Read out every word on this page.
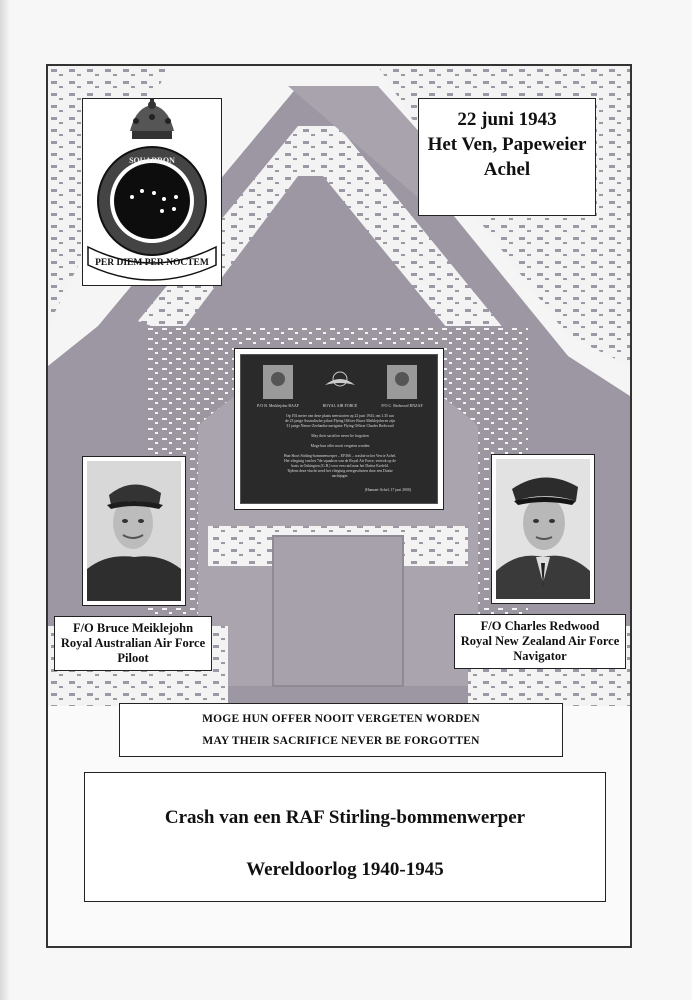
22 juni 1943
Het Ven, Papeweier
Achel
SQUADRON
PER DIEM PER NOCTEM
P/O B. Meiklejohn RAAF	ROYAL AIR FORCE	P/O C. Redwood RNZAF
Op 192 meter van deze plaats neerstorten op 22 juni 1943, om 1.35 uur
de 23 jarige Australische piloot Flying Officer Bruce Meiklejohn en zijn
31 jarige Nieuw-Zeelandse navigator Flying Officer Charles Redwood
May their sacrifice never be forgotten
Moge hun offer nooit vergeten worden
Hun Short Stirling-bommenwerper – EF366 – crashte in het Ven te Achel.
Het vliegtuig van het 7de squadron van de Royal Air Force, vertrok op de
basis in Oakington (G.B.) voor een raid naar het Duitse Krefeld.
Tijdens deze vlucht werd het vliegtuig neergeschoten door een Duitse
nachtjager.
(Hamont-Achel, 17 juni 2000)
F/O Bruce Meiklejohn
Royal Australian Air Force
Piloot
F/O Charles Redwood
Royal New Zealand Air Force
Navigator
MOGE HUN OFFER NOOIT VERGETEN WORDEN
MAY THEIR SACRIFICE NEVER BE FORGOTTEN
Crash van een RAF Stirling-bommenwerper
Wereldoorlog 1940-1945
